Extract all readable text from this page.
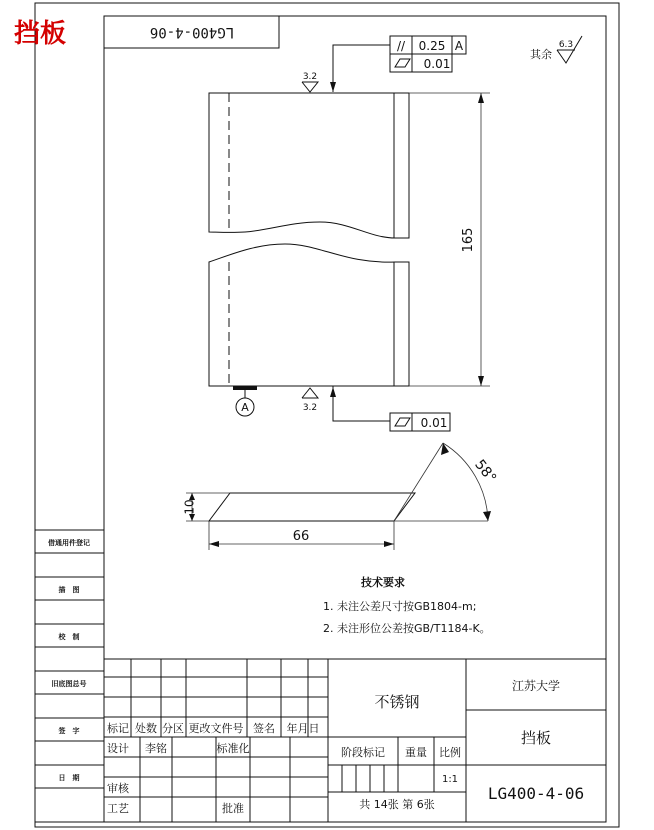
挡板	LG400-4-06
// 0.25 A
0.01
其余
6.3
3.2
A
165
3.2
0.01
10
66
58°
技术要求
1. 未注公差尺寸按GB1804-m;
2. 未注形位公差按GB/T1184-K。
借通用件登记
描　图
校　制
旧底图总号
签　字
日　期
标记 处数 分区 更改文件号 签名 年月日
设计 李铭	标准化
审核
工艺	批准
不锈钢
阶段标记 重量 比例
1:1
共 14张 第 6张
江苏大学
挡板
LG400-4-06
